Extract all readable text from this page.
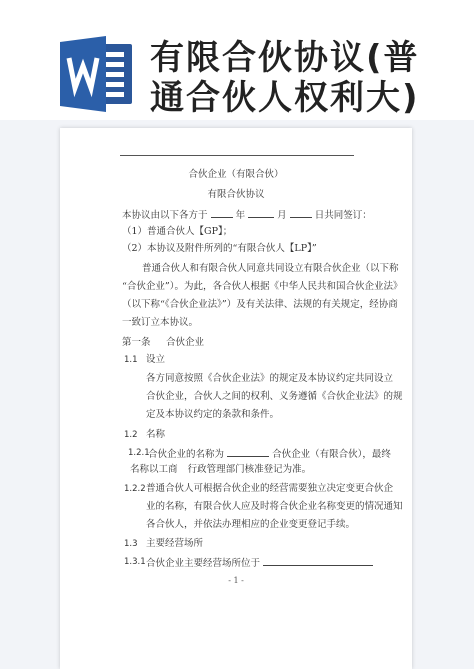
有限合伙协议(普
通合伙人权利大)
合伙企业（有限合伙）
有限合伙协议
本协议由以下各方于	年	月	日共同签订：
（1）普通合伙人【GP】；
（2）本协议及附件所列的“有限合伙人【LP】”
普通合伙人和有限合伙人同意共同设立有限合伙企业（以下称
“合伙企业”）。为此，各合伙人根据《中华人民共和国合伙企业法》
（以下称“《合伙企业法》”）及有关法律、法规的有关规定，经协商
一致订立本协议。
第一条 合伙企业
1.1 设立
各方同意按照《合伙企业法》的规定及本协议约定共同设立
合伙企业，合伙人之间的权利、义务遵循《合伙企业法》的规
定及本协议约定的条款和条件。
1.2 名称
1.2.1
合伙企业的名称为	合伙企业（有限合伙），最终
名称以工商 行政管理部门核准登记为准。
1.2.2 普通合伙人可根据合伙企业的经营需要独立决定变更合伙企
业的名称，有限合伙人应及时将合伙企业名称变更的情况通知
各合伙人，并依法办理相应的企业变更登记手续。
1.3 主要经营场所
1.3.1 合伙企业主要经营场所位于
- 1 -
